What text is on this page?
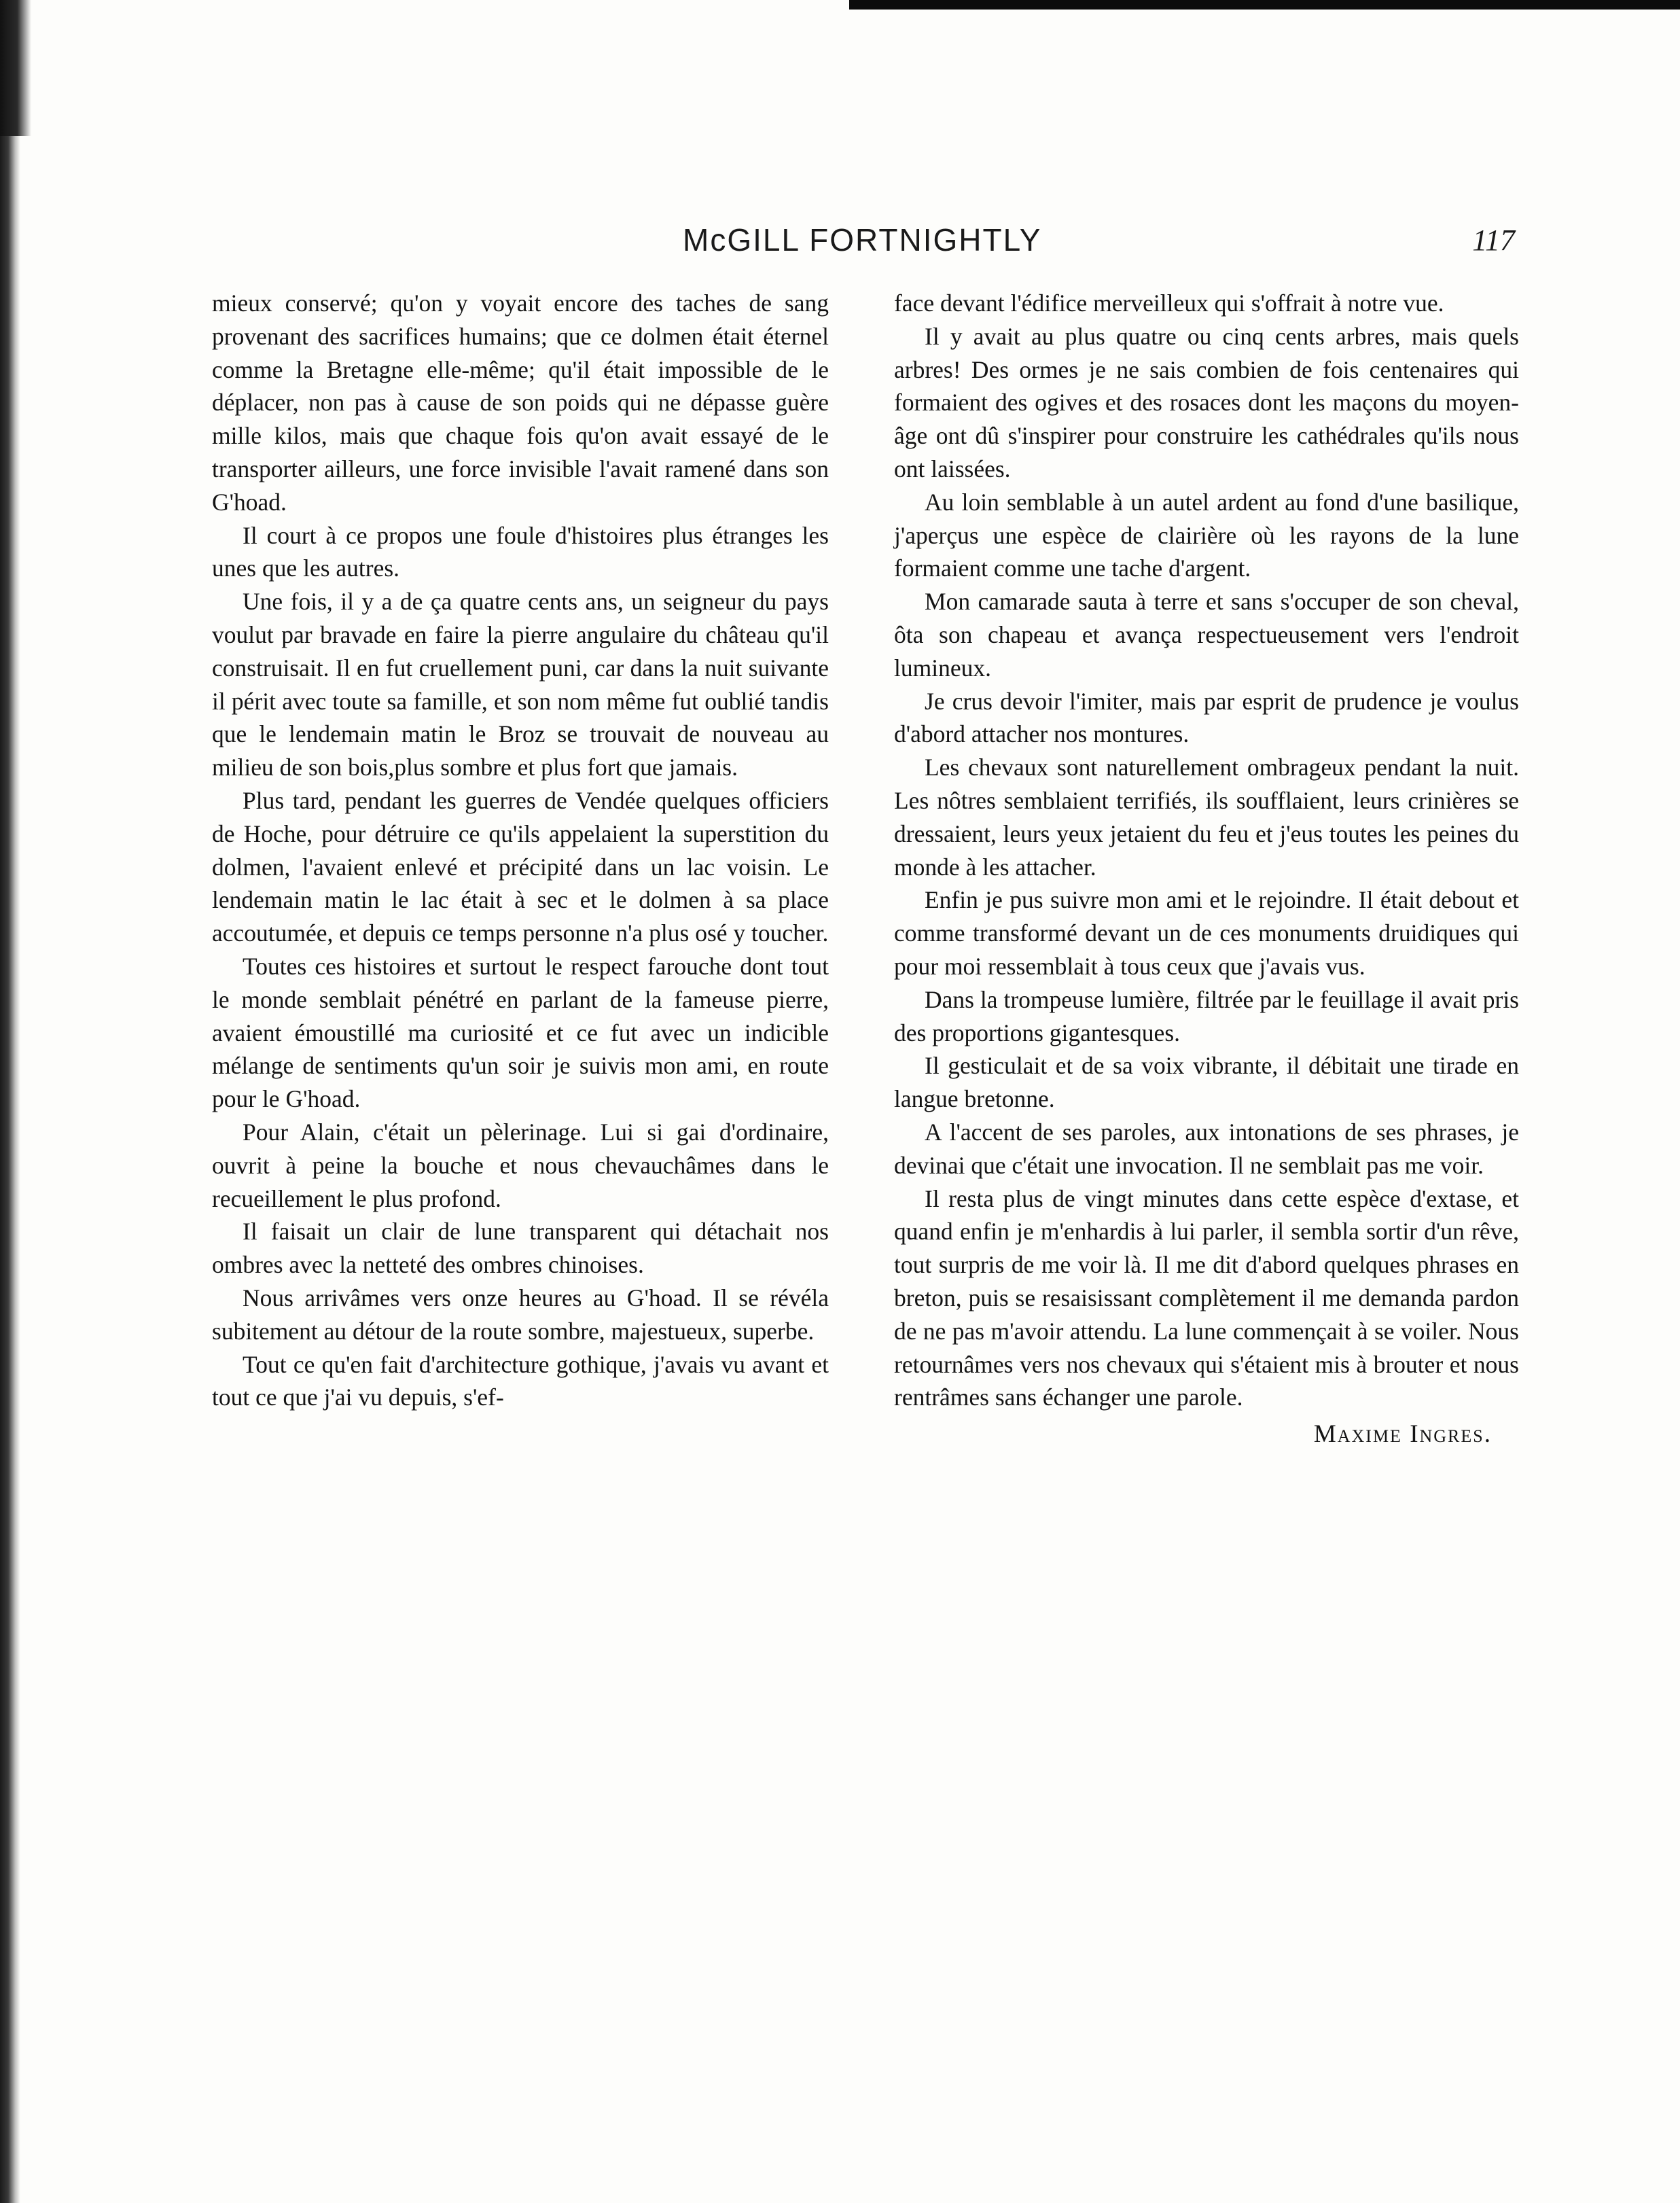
McGILL FORTNIGHTLY	117

mieux conservé; qu'on y voyait encore des taches de sang provenant des sacrifices humains; que ce dolmen était éternel comme la Bretagne elle-même; qu'il était impossible de le déplacer, non pas à cause de son poids qui ne dépasse guère mille kilos, mais que chaque fois qu'on avait essayé de le transporter ailleurs, une force invisible l'avait ramené dans son G'hoad.

Il court à ce propos une foule d'histoires plus étranges les unes que les autres.

Une fois, il y a de ça quatre cents ans, un seigneur du pays voulut par bravade en faire la pierre angulaire du château qu'il construisait. Il en fut cruellement puni, car dans la nuit suivante il périt avec toute sa famille, et son nom même fut oublié tandis que le lendemain matin le Broz se trouvait de nouveau au milieu de son bois,plus sombre et plus fort que jamais.

Plus tard, pendant les guerres de Vendée quelques officiers de Hoche, pour détruire ce qu'ils appelaient la superstition du dolmen, l'avaient enlevé et précipité dans un lac voisin. Le lendemain matin le lac était à sec et le dolmen à sa place accoutumée, et depuis ce temps personne n'a plus osé y toucher.

Toutes ces histoires et surtout le respect farouche dont tout le monde semblait pénétré en parlant de la fameuse pierre, avaient émoustillé ma curiosité et ce fut avec un indicible mélange de sentiments qu'un soir je suivis mon ami, en route pour le G'hoad.

Pour Alain, c'était un pèlerinage. Lui si gai d'ordinaire, ouvrit à peine la bouche et nous chevauchâmes dans le recueillement le plus profond.

Il faisait un clair de lune transparent qui détachait nos ombres avec la netteté des ombres chinoises.

Nous arrivâmes vers onze heures au G'hoad. Il se révéla subitement au détour de la route sombre, majestueux, superbe.

Tout ce qu'en fait d'architecture gothique, j'avais vu avant et tout ce que j'ai vu depuis, s'ef-

face devant l'édifice merveilleux qui s'offrait à notre vue.

Il y avait au plus quatre ou cinq cents arbres, mais quels arbres! Des ormes je ne sais combien de fois centenaires qui formaient des ogives et des rosaces dont les maçons du moyen-âge ont dû s'inspirer pour construire les cathédrales qu'ils nous ont laissées.

Au loin semblable à un autel ardent au fond d'une basilique, j'aperçus une espèce de clairière où les rayons de la lune formaient comme une tache d'argent.

Mon camarade sauta à terre et sans s'occuper de son cheval, ôta son chapeau et avança respectueusement vers l'endroit lumineux.

Je crus devoir l'imiter, mais par esprit de prudence je voulus d'abord attacher nos montures.

Les chevaux sont naturellement ombrageux pendant la nuit. Les nôtres semblaient terrifiés, ils soufflaient, leurs crinières se dressaient, leurs yeux jetaient du feu et j'eus toutes les peines du monde à les attacher.

Enfin je pus suivre mon ami et le rejoindre. Il était debout et comme transformé devant un de ces monuments druidiques qui pour moi ressemblait à tous ceux que j'avais vus.

Dans la trompeuse lumière, filtrée par le feuillage il avait pris des proportions gigantesques.

Il gesticulait et de sa voix vibrante, il débitait une tirade en langue bretonne.

A l'accent de ses paroles, aux intonations de ses phrases, je devinai que c'était une invocation. Il ne semblait pas me voir.

Il resta plus de vingt minutes dans cette espèce d'extase, et quand enfin je m'enhardis à lui parler, il sembla sortir d'un rêve, tout surpris de me voir là. Il me dit d'abord quelques phrases en breton, puis se resaisissant complètement il me demanda pardon de ne pas m'avoir attendu. La lune commençait à se voiler. Nous retournâmes vers nos chevaux qui s'étaient mis à brouter et nous rentrâmes sans échanger une parole.

Maxime Ingres.
